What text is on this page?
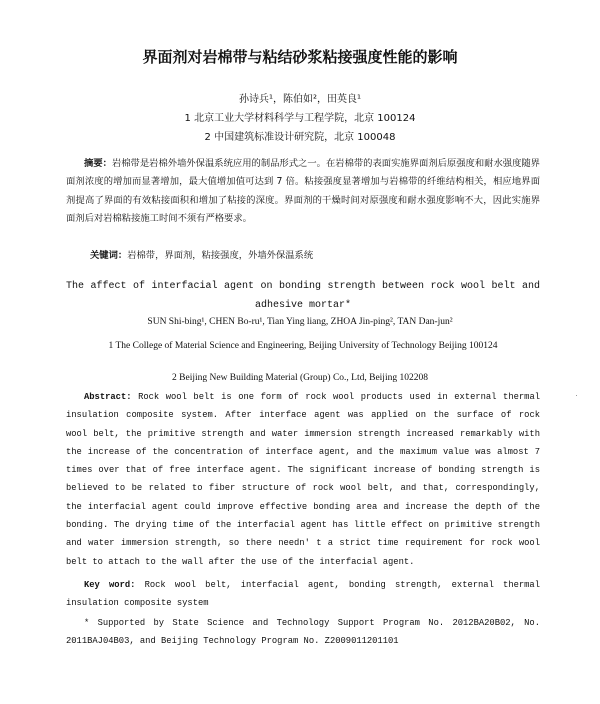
界面剂对岩棉带与粘结砂浆粘接强度性能的影响
孙诗兵¹，陈伯如²，田英良¹
1 北京工业大学材料科学与工程学院，北京 100124
2 中国建筑标准设计研究院，北京 100048
摘要：岩棉带是岩棉外墙外保温系统应用的制品形式之一。在岩棉带的表面实施界面剂后原强度和耐水强度随界面剂浓度的增加而显著增加，最大值增加值可达到 7 倍。粘接强度显著增加与岩棉带的纤维结构相关，相应地界面剂提高了界面的有效粘接面积和增加了粘接的深度。界面剂的干燥时间对原强度和耐水强度影响不大，因此实施界面剂后对岩棉粘接施工时间不须有严格要求。
关键词：岩棉带，界面剂，粘接强度，外墙外保温系统
The affect of interfacial agent on bonding strength between rock wool belt and adhesive mortar*
SUN Shi-bing¹, CHEN Bo-ru¹, Tian Ying liang, ZHOA Jin-ping², TAN Dan-jun²
1 The College of Material Science and Engineering, Beijing University of Technology Beijing 100124
2 Beijing New Building Material (Group) Co., Ltd, Beijing 102208
Abstract: Rock wool belt is one form of rock wool products used in external thermal insulation composite system. After interface agent was applied on the surface of rock wool belt, the primitive strength and water immersion strength increased remarkably with the increase of the concentration of interface agent, and the maximum value was almost 7 times over that of free interface agent. The significant increase of bonding strength is believed to be related to fiber structure of rock wool belt, and that, correspondingly, the interfacial agent could improve effective bonding area and increase the depth of the bonding. The drying time of the interfacial agent has little effect on primitive strength and water immersion strength, so there needn' t a strict time requirement for rock wool belt to attach to the wall after the use of the interfacial agent.
Key word: Rock wool belt, interfacial agent, bonding strength, external thermal insulation composite system
* Supported by State Science and Technology Support Program No. 2012BA20B02, No. 2011BAJ04B03, and Beijing Technology Program No. Z2009011201101
